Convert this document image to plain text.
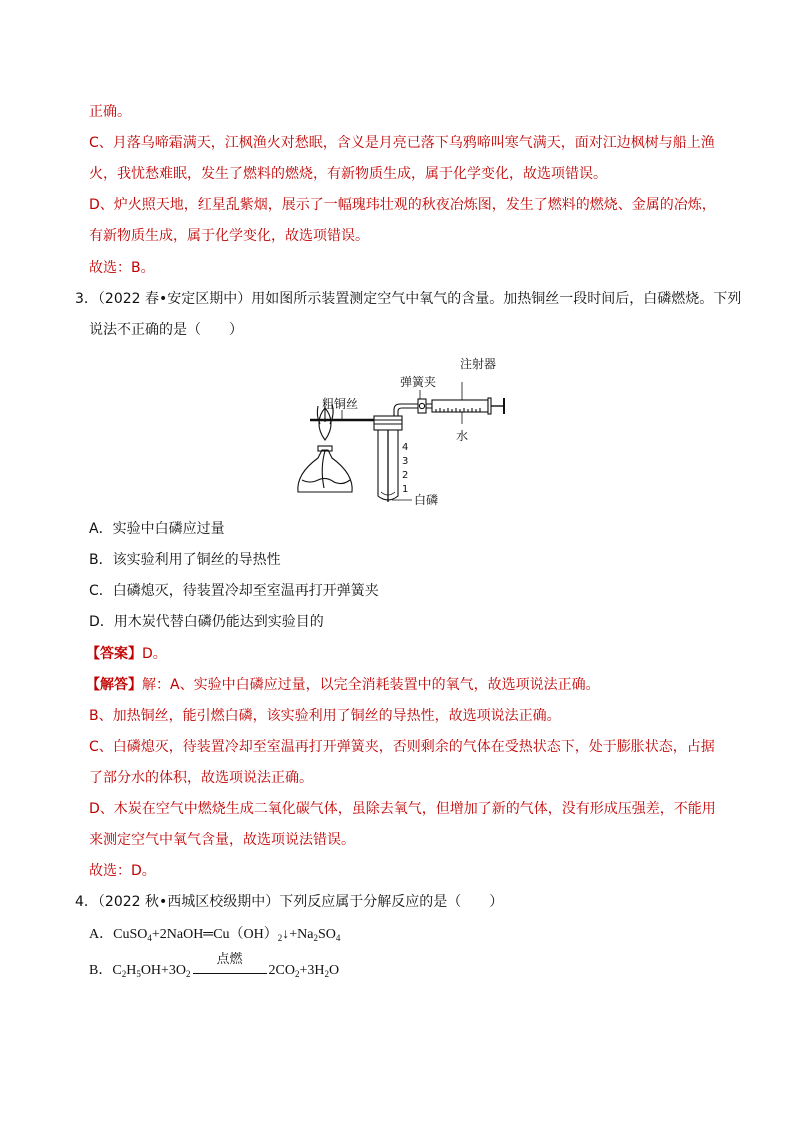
正确。
C、月落乌啼霜满天，江枫渔火对愁眠，含义是月亮已落下乌鸦啼叫寒气满天，面对江边枫树与船上渔
火，我忧愁难眠，发生了燃料的燃烧，有新物质生成，属于化学变化，故选项错误。
D、炉火照天地，红星乱紫烟，展示了一幅瑰玮壮观的秋夜冶炼图，发生了燃料的燃烧、金属的冶炼，
有新物质生成，属于化学变化，故选项错误。
故选：B。
3．（2022 春•安定区期中）用如图所示装置测定空气中氧气的含量。加热铜丝一段时间后，白磷燃烧。下列
说法不正确的是（　　）
4
3
2
1
粗铜丝
弹簧夹
注射器
水
白磷
A．实验中白磷应过量
B．该实验利用了铜丝的导热性
C．白磷熄灭，待装置冷却至室温再打开弹簧夹
D．用木炭代替白磷仍能达到实验目的
【答案】D。
【解答】解：A、实验中白磷应过量，以完全消耗装置中的氧气，故选项说法正确。
B、加热铜丝，能引燃白磷，该实验利用了铜丝的导热性，故选项说法正确。
C、白磷熄灭，待装置冷却至室温再打开弹簧夹，否则剩余的气体在受热状态下，处于膨胀状态，占据
了部分水的体积，故选项说法正确。
D、木炭在空气中燃烧生成二氧化碳气体，虽除去氧气，但增加了新的气体，没有形成压强差，不能用
来测定空气中氧气含量，故选项说法错误。
故选：D。
4．（2022 秋•西城区校级期中）下列反应属于分解反应的是（　　）
A．$CuSO_4+2NaOH═Cu(OH)_2↓+Na_2SO_4$
B．$C_2H_5OH+3O_2$
点燃
$2CO_2+3H_2O$
